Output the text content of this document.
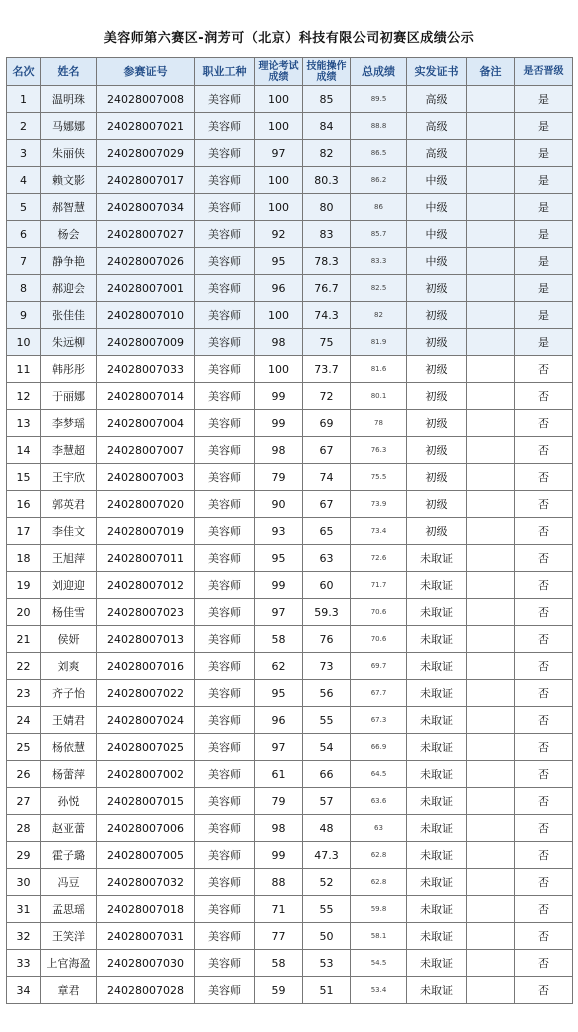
美容师第六赛区-润芳可（北京）科技有限公司初赛区成绩公示
名次	姓名	参赛证号	职业工种	理论考试成绩	技能操作成绩	总成绩	实发证书	备注	是否晋级
1	温明珠	24028007008	美容师	100	85	89.5	高级		是
2	马娜娜	24028007021	美容师	100	84	88.8	高级		是
3	朱丽侠	24028007029	美容师	97	82	86.5	高级		是
4	赖文影	24028007017	美容师	100	80.3	86.2	中级		是
5	郝智慧	24028007034	美容师	100	80	86	中级		是
6	杨会	24028007027	美容师	92	83	85.7	中级		是
7	静争艳	24028007026	美容师	95	78.3	83.3	中级		是
8	郝迎会	24028007001	美容师	96	76.7	82.5	初级		是
9	张佳佳	24028007010	美容师	100	74.3	82	初级		是
10	朱远柳	24028007009	美容师	98	75	81.9	初级		是
11	韩彤彤	24028007033	美容师	100	73.7	81.6	初级		否
12	于丽娜	24028007014	美容师	99	72	80.1	初级		否
13	李梦瑶	24028007004	美容师	99	69	78	初级		否
14	李慧超	24028007007	美容师	98	67	76.3	初级		否
15	王宇欣	24028007003	美容师	79	74	75.5	初级		否
16	郭英君	24028007020	美容师	90	67	73.9	初级		否
17	李佳文	24028007019	美容师	93	65	73.4	初级		否
18	王旭萍	24028007011	美容师	95	63	72.6	未取证		否
19	刘迎迎	24028007012	美容师	99	60	71.7	未取证		否
20	杨佳雪	24028007023	美容师	97	59.3	70.6	未取证		否
21	侯妍	24028007013	美容师	58	76	70.6	未取证		否
22	刘爽	24028007016	美容师	62	73	69.7	未取证		否
23	齐子怡	24028007022	美容师	95	56	67.7	未取证		否
24	王婧君	24028007024	美容师	96	55	67.3	未取证		否
25	杨依慧	24028007025	美容师	97	54	66.9	未取证		否
26	杨蕾萍	24028007002	美容师	61	66	64.5	未取证		否
27	孙悦	24028007015	美容师	79	57	63.6	未取证		否
28	赵亚蕾	24028007006	美容师	98	48	63	未取证		否
29	霍子璐	24028007005	美容师	99	47.3	62.8	未取证		否
30	冯豆	24028007032	美容师	88	52	62.8	未取证		否
31	孟思瑶	24028007018	美容师	71	55	59.8	未取证		否
32	王笑洋	24028007031	美容师	77	50	58.1	未取证		否
33	上官海盈	24028007030	美容师	58	53	54.5	未取证		否
34	章君	24028007028	美容师	59	51	53.4	未取证		否
